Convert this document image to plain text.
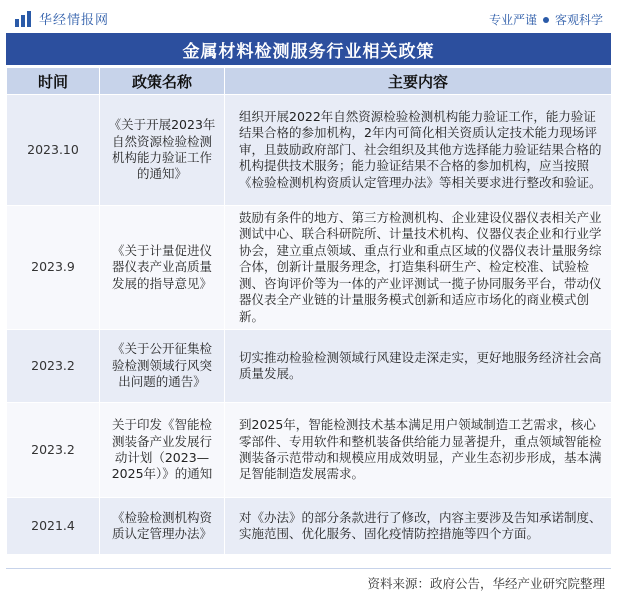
华经情报网	专业严谨 客观科学
金属材料检测服务行业相关政策
时间	政策名称	主要内容
2023.10	《关于开展2023年自然资源检验检测机构能力验证工作的通知》	组织开展2022年自然资源检验检测机构能力验证工作，能力验证结果合格的参加机构，2年内可简化相关资质认定技术能力现场评审，且鼓励政府部门、社会组织及其他方选择能力验证结果合格的机构提供技术服务；能力验证结果不合格的参加机构，应当按照《检验检测机构资质认定管理办法》等相关要求进行整改和验证。
2023.9	《关于计量促进仪器仪表产业高质量发展的指导意见》	鼓励有条件的地方、第三方检测机构、企业建设仪器仪表相关产业测试中心、联合科研院所、计量技术机构、仪器仪表企业和行业学协会，建立重点领域、重点行业和重点区域的仪器仪表计量服务综合体，创新计量服务理念，打造集科研生产、检定校准、试验检测、咨询评价等为一体的产业评测试一揽子协同服务平台，带动仪器仪表全产业链的计量服务模式创新和适应市场化的商业模式创新。
2023.2	《关于公开征集检验检测领域行风突出问题的通告》	切实推动检验检测领域行风建设走深走实，更好地服务经济社会高质量发展。
2023.2	关于印发《智能检测装备产业发展行动计划（2023—2025年）》的通知	到2025年，智能检测技术基本满足用户领域制造工艺需求，核心零部件、专用软件和整机装备供给能力显著提升，重点领域智能检测装备示范带动和规模应用成效明显，产业生态初步形成，基本满足智能制造发展需求。
2021.4	《检验检测机构资质认定管理办法》	对《办法》的部分条款进行了修改，内容主要涉及告知承诺制度、实施范围、优化服务、固化疫情防控措施等四个方面。
资料来源：政府公告，华经产业研究院整理
